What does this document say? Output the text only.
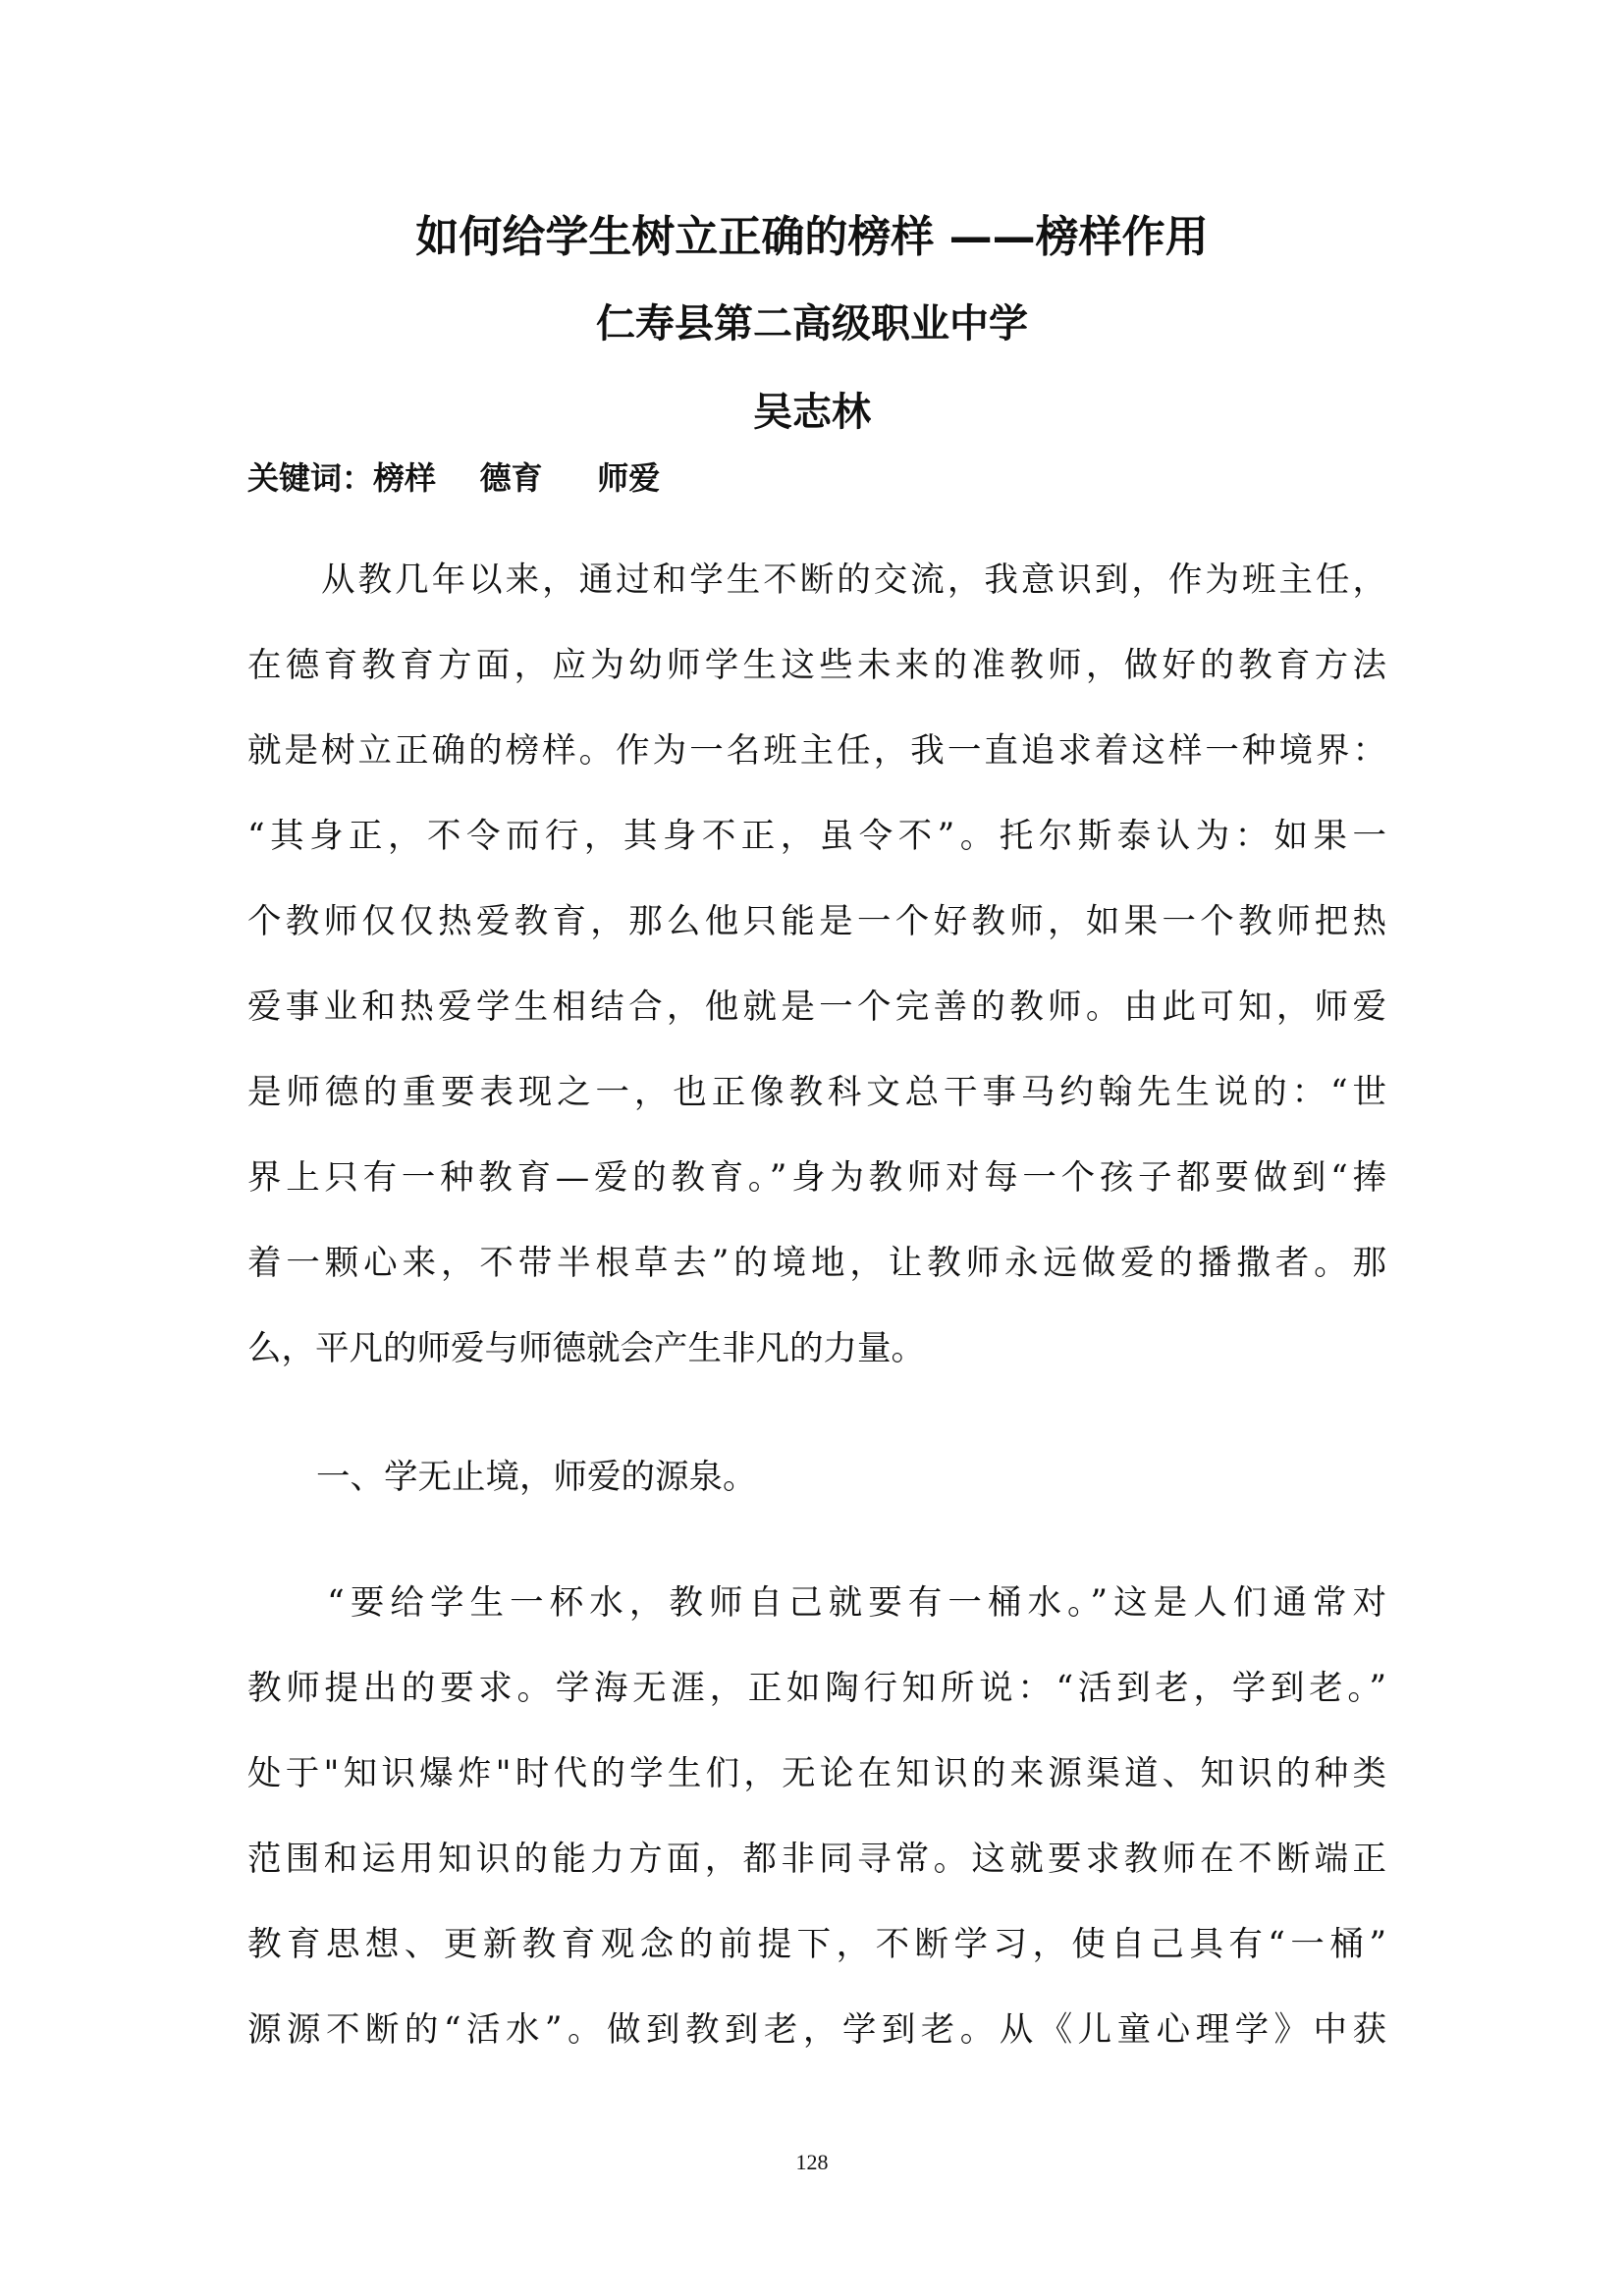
如何给学生树立正确的榜样 ——榜样作用
仁寿县第二高级职业中学
吴志林
关键词：榜样    德育     师爱
　　从教几年以来，通过和学生不断的交流，我意识到，作为班主任，
在德育教育方面，应为幼师学生这些未来的准教师，做好的教育方法
就是树立正确的榜样。作为一名班主任，我一直追求着这样一种境界：
“其身正，不令而行，其身不正，虽令不”。托尔斯泰认为：如果一
个教师仅仅热爱教育，那么他只能是一个好教师，如果一个教师把热
爱事业和热爱学生相结合，他就是一个完善的教师。由此可知，师爱
是师德的重要表现之一，也正像教科文总干事马约翰先生说的：“世
界上只有一种教育—爱的教育。”身为教师对每一个孩子都要做到“捧
着一颗心来，不带半根草去”的境地，让教师永远做爱的播撒者。那
么，平凡的师爱与师德就会产生非凡的力量。
一、学无止境，师爱的源泉。
　　“要给学生一杯水，教师自己就要有一桶水。”这是人们通常对
教师提出的要求。学海无涯，正如陶行知所说：“活到老，学到老。”
处于"知识爆炸"时代的学生们，无论在知识的来源渠道、知识的种类
范围和运用知识的能力方面，都非同寻常。这就要求教师在不断端正
教育思想、更新教育观念的前提下，不断学习，使自己具有“一桶”
源源不断的“活水”。做到教到老，学到老。从《儿童心理学》中获
128
